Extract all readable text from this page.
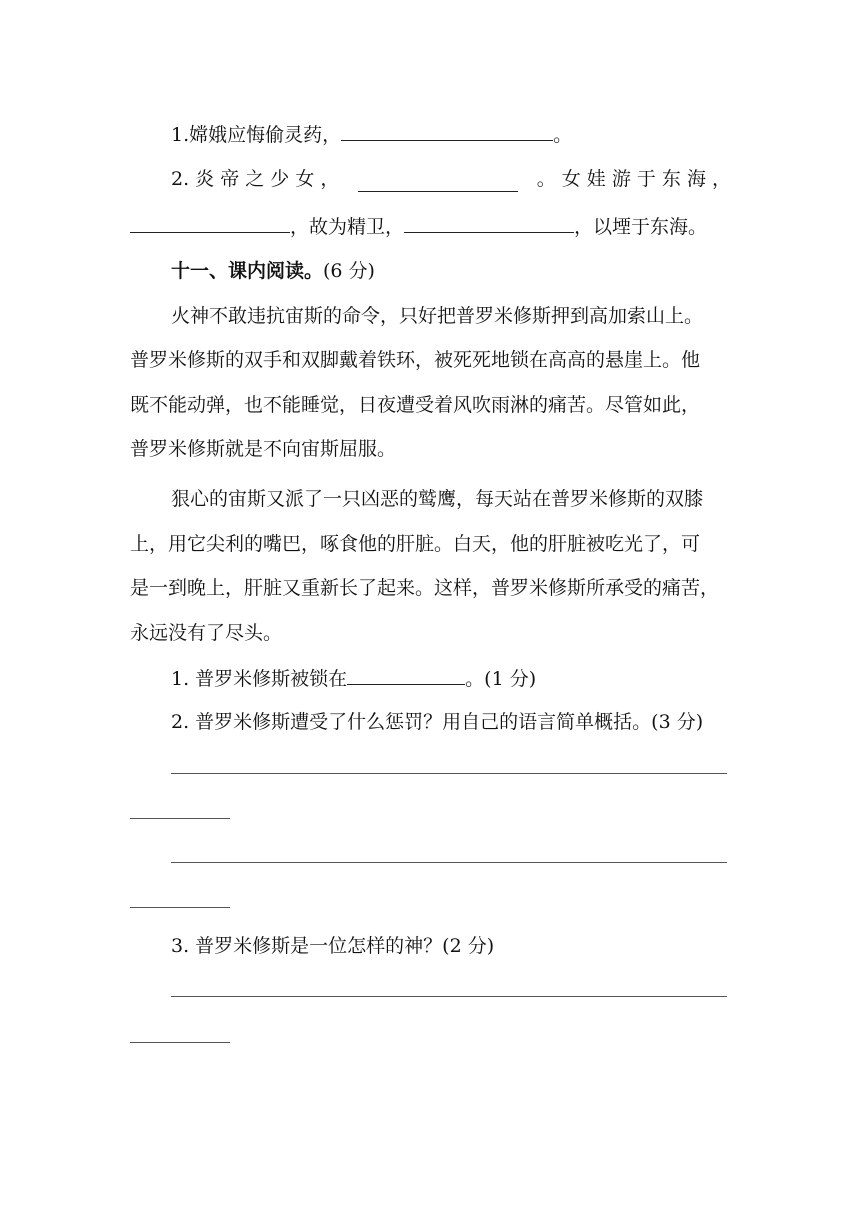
1.嫦娥应悔偷灵药，	。
2. 炎 帝 之 少 女 ，	。 女 娃 游 于 东 海 ，
，故为精卫，	，以堙于东海。
十一、课内阅读。(6 分)
火神不敢违抗宙斯的命令，只好把普罗米修斯押到高加索山上。
普罗米修斯的双手和双脚戴着铁环，被死死地锁在高高的悬崖上。他
既不能动弹，也不能睡觉，日夜遭受着风吹雨淋的痛苦。尽管如此，
普罗米修斯就是不向宙斯屈服。
狠心的宙斯又派了一只凶恶的鹫鹰，每天站在普罗米修斯的双膝
上，用它尖利的嘴巴，啄食他的肝脏。白天，他的肝脏被吃光了，可
是一到晚上，肝脏又重新长了起来。这样，普罗米修斯所承受的痛苦，
永远没有了尽头。
1. 普罗米修斯被锁在	。(1 分)
2. 普罗米修斯遭受了什么惩罚？用自己的语言简单概括。(3 分)
3. 普罗米修斯是一位怎样的神？(2 分)
